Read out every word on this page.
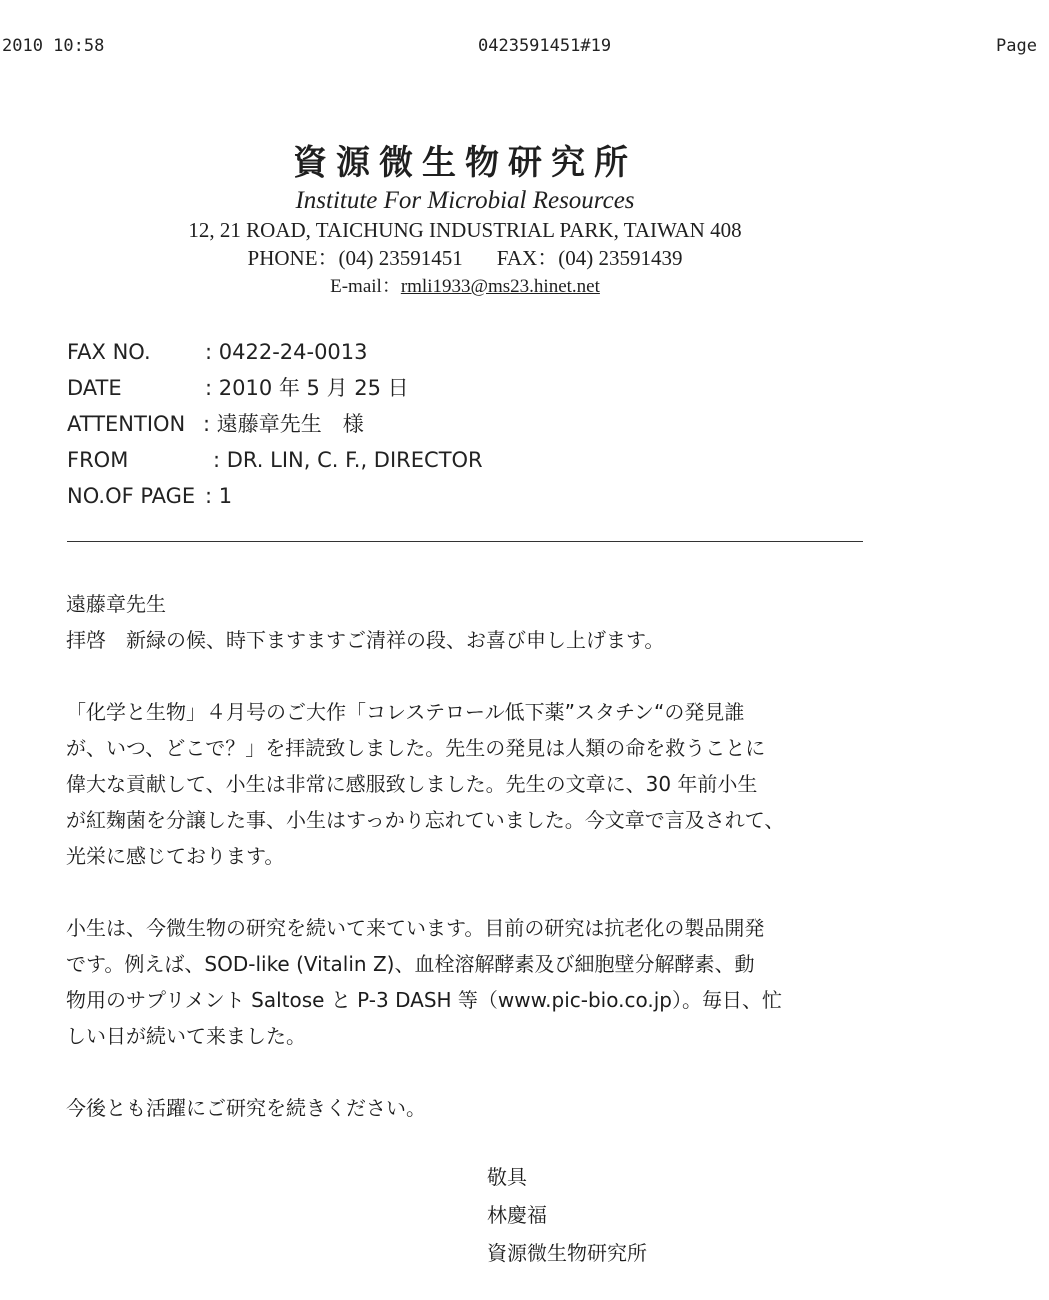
2010 10:58	0423591451#19	Page
資源微生物研究所
Institute For Microbial Resources
12, 21 ROAD, TAICHUNG INDUSTRIAL PARK, TAIWAN 408
PHONE：(04) 23591451 FAX：(04) 23591439
E-mail：rmli1933@ms23.hinet.net
FAX NO.	: 0422-24-0013
DATE	: 2010 年 5 月 25 日
ATTENTION : 遠藤章先生　様
FROM	: DR. LIN, C. F., DIRECTOR
NO.OF PAGE : 1

遠藤章先生

拝啓　新緑の候、時下ますますご清祥の段、お喜び申し上げます。

「化学と生物」４月号のご大作「コレステロール低下薬”スタチン“の発見誰

が、いつ、どこで？」を拝読致しました。先生の発見は人類の命を救うことに

偉大な貢献して、小生は非常に感服致しました。先生の文章に、30 年前小生

が紅麹菌を分譲した事、小生はすっかり忘れていました。今文章で言及されて、

光栄に感じております。

小生は、今微生物の研究を続いて来ています。目前の研究は抗老化の製品開発

です。例えば、SOD-like (Vitalin Z)、血栓溶解酵素及び細胞壁分解酵素、動

物用のサプリメント Saltose と P-3 DASH 等（www.pic-bio.co.jp）。毎日、忙

しい日が続いて来ました。

今後とも活躍にご研究を続きください。

敬具
林慶福
資源微生物研究所
